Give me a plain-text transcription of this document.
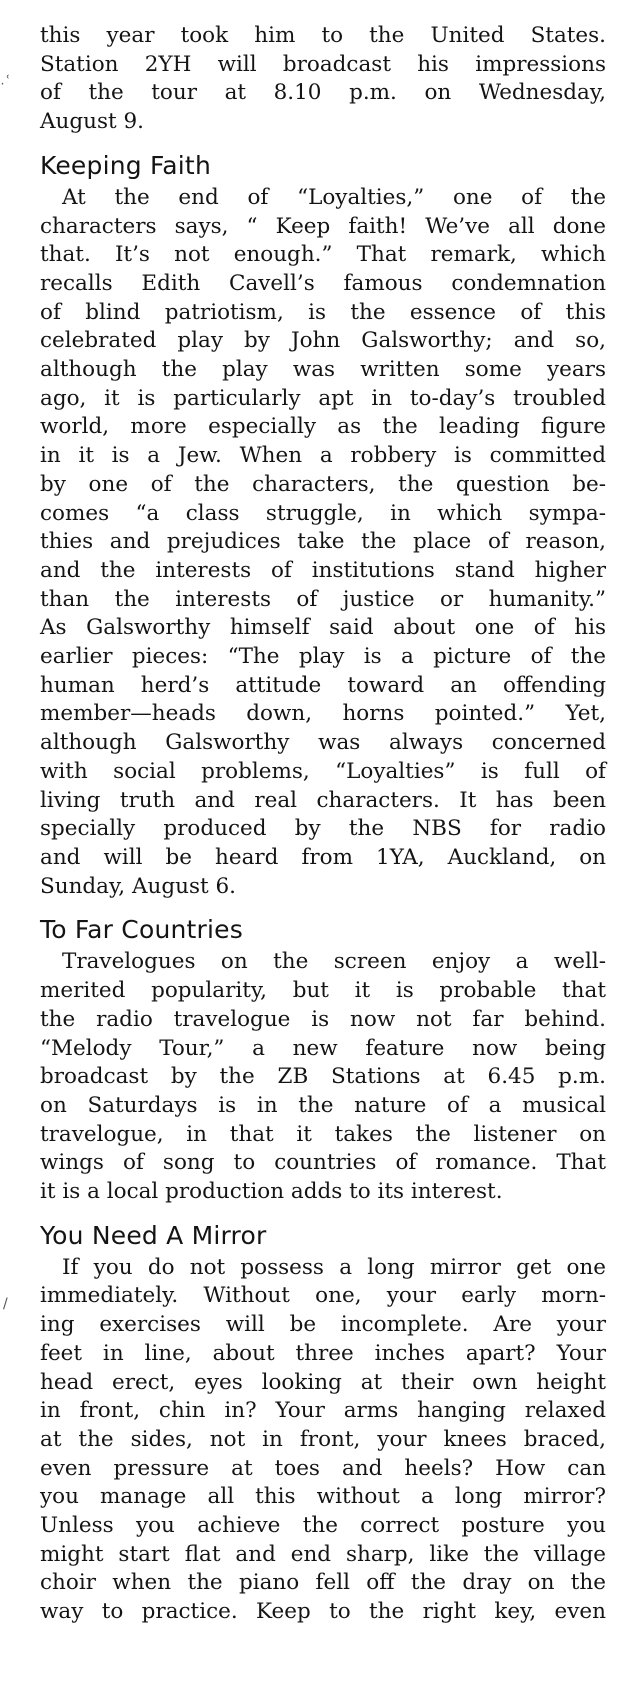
̣˓
/

this year took him to the United States.
Station 2YH will broadcast his impressions
of the tour at 8.10 p.m. on Wednesday,
August 9.

Keeping Faith

At the end of “Loyalties,” one of the
characters says, “ Keep faith! We’ve all done
that. It’s not enough.” That remark, which
recalls Edith Cavell’s famous condemnation
of blind patriotism, is the essence of this
celebrated play by John Galsworthy; and so,
although the play was written some years
ago, it is particularly apt in to-day’s troubled
world, more especially as the leading figure
in it is a Jew. When a robbery is committed
by one of the characters, the question be-
comes “a class struggle, in which sympa-
thies and prejudices take the place of reason,
and the interests of institutions stand higher
than the interests of justice or humanity.”
As Galsworthy himself said about one of his
earlier pieces: “The play is a picture of the
human herd’s attitude toward an offending
member—heads down, horns pointed.” Yet,
although Galsworthy was always concerned
with social problems, “Loyalties” is full of
living truth and real characters. It has been
specially produced by the NBS for radio
and will be heard from 1YA, Auckland, on
Sunday, August 6.

To Far Countries

Travelogues on the screen enjoy a well-
merited popularity, but it is probable that
the radio travelogue is now not far behind.
“Melody Tour,” a new feature now being
broadcast by the ZB Stations at 6.45 p.m.
on Saturdays is in the nature of a musical
travelogue, in that it takes the listener on
wings of song to countries of romance. That
it is a local production adds to its interest.

You Need A Mirror

If you do not possess a long mirror get one
immediately. Without one, your early morn-
ing exercises will be incomplete. Are your
feet in line, about three inches apart? Your
head erect, eyes looking at their own height
in front, chin in? Your arms hanging relaxed
at the sides, not in front, your knees braced,
even pressure at toes and heels? How can
you manage all this without a long mirror?
Unless you achieve the correct posture you
might start flat and end sharp, like the village
choir when the piano fell off the dray on the
way to practice. Keep to the right key, even
